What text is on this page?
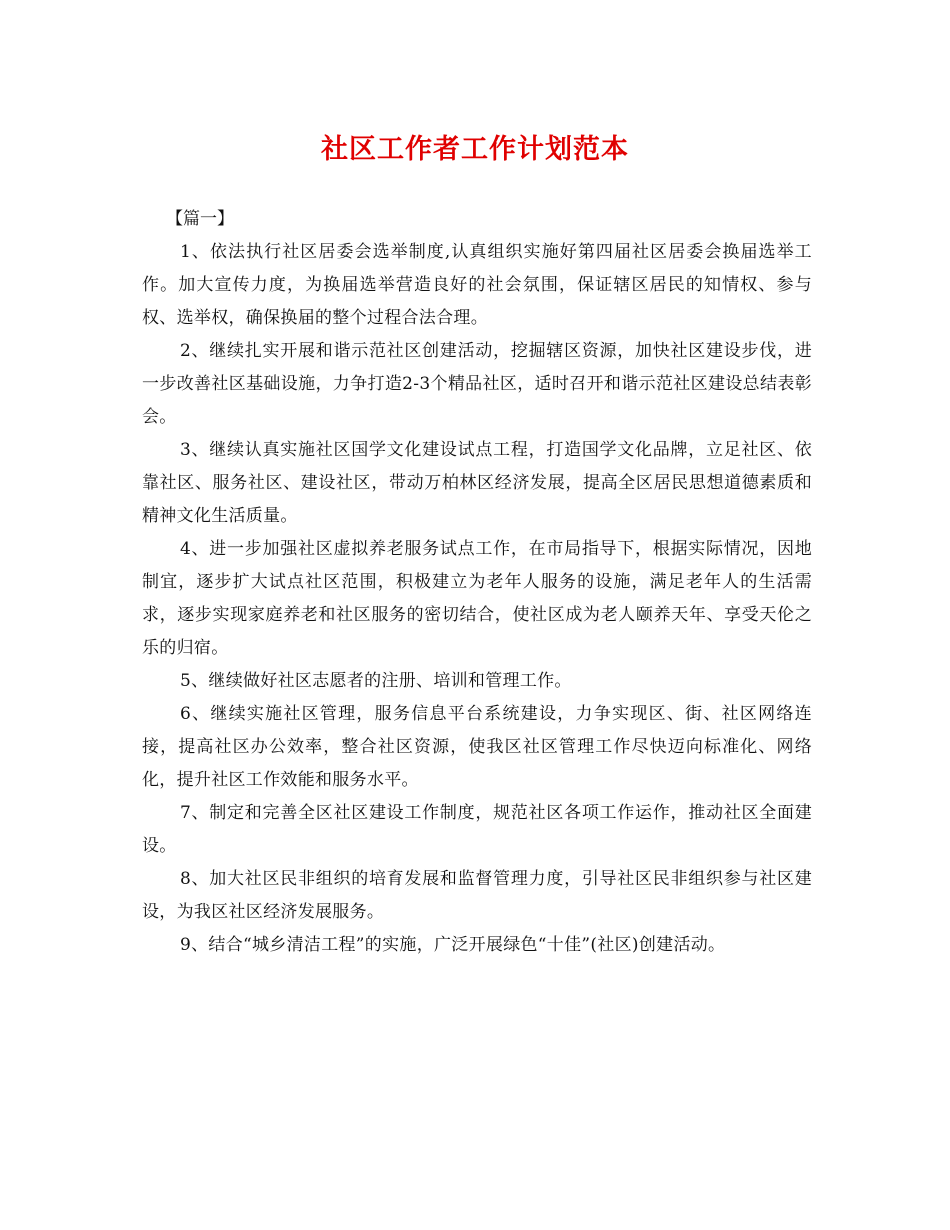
社区工作者工作计划范本

【篇一】

1、依法执行社区居委会选举制度,认真组织实施好第四届社区居委会换届选举工作。加大宣传力度，为换届选举营造良好的社会氛围，保证辖区居民的知情权、参与权、选举权，确保换届的整个过程合法合理。

2、继续扎实开展和谐示范社区创建活动，挖掘辖区资源，加快社区建设步伐，进一步改善社区基础设施，力争打造2-3个精品社区，适时召开和谐示范社区建设总结表彰会。

3、继续认真实施社区国学文化建设试点工程，打造国学文化品牌，立足社区、依靠社区、服务社区、建设社区，带动万柏林区经济发展，提高全区居民思想道德素质和精神文化生活质量。

4、进一步加强社区虚拟养老服务试点工作，在市局指导下，根据实际情况，因地制宜，逐步扩大试点社区范围，积极建立为老年人服务的设施，满足老年人的生活需求，逐步实现家庭养老和社区服务的密切结合，使社区成为老人颐养天年、享受天伦之乐的归宿。

5、继续做好社区志愿者的注册、培训和管理工作。

6、继续实施社区管理，服务信息平台系统建设，力争实现区、街、社区网络连接，提高社区办公效率，整合社区资源，使我区社区管理工作尽快迈向标准化、网络化，提升社区工作效能和服务水平。

7、制定和完善全区社区建设工作制度，规范社区各项工作运作，推动社区全面建设。

8、加大社区民非组织的培育发展和监督管理力度，引导社区民非组织参与社区建设，为我区社区经济发展服务。

9、结合“城乡清洁工程”的实施，广泛开展绿色“十佳”(社区)创建活动。
